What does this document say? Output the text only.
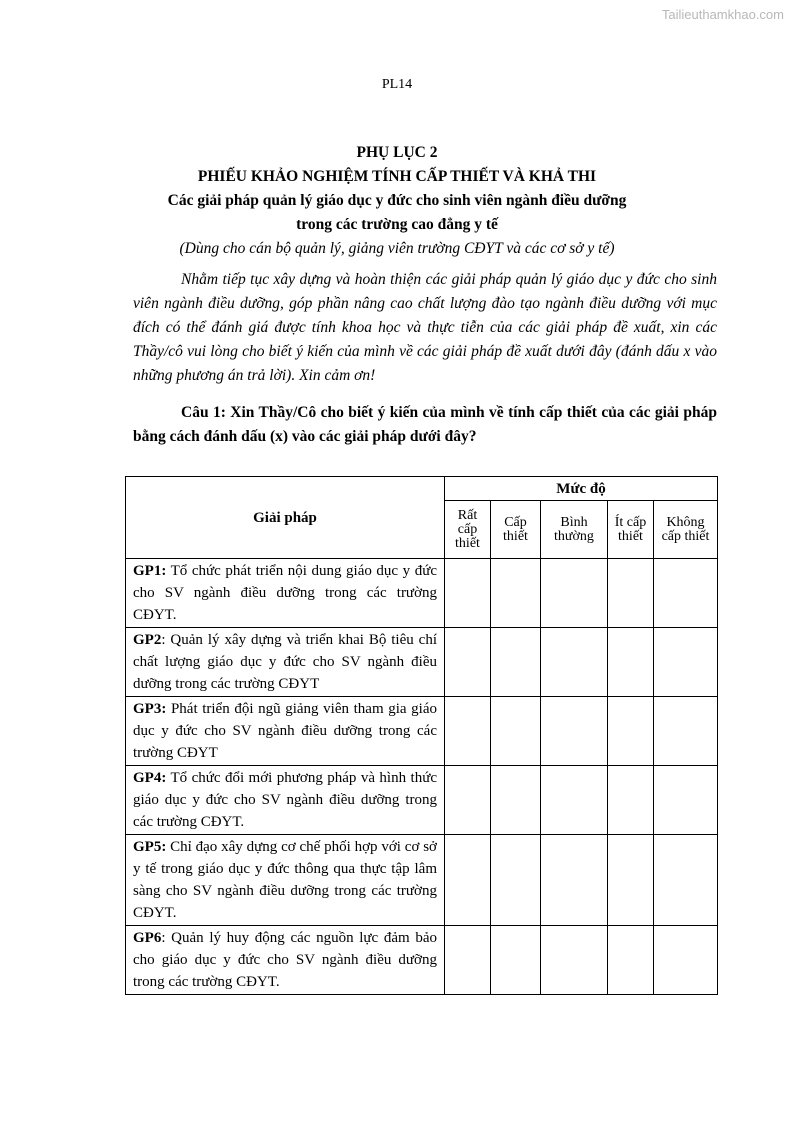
Tailieuthamkhao.com
PL14
PHỤ LỤC 2
PHIẾU KHẢO NGHIỆM TÍNH CẤP THIẾT VÀ KHẢ THI
Các giải pháp quản lý giáo dục y đức cho sinh viên ngành điều dưỡng
trong các trường cao đẳng y tế
(Dùng cho cán bộ quản lý, giảng viên trường CĐYT và các cơ sở y tế)
Nhằm tiếp tục xây dựng và hoàn thiện các giải pháp quản lý giáo dục y đức cho sinh viên ngành điều dưỡng, góp phần nâng cao chất lượng đào tạo ngành điều dưỡng với mục đích có thể đánh giá được tính khoa học và thực tiễn của các giải pháp đề xuất, xin các Thầy/cô vui lòng cho biết ý kiến của mình về các giải pháp đề xuất dưới đây (đánh dấu x vào những phương án trả lời). Xin cảm ơn!
Câu 1: Xin Thầy/Cô cho biết ý kiến của mình về tính cấp thiết của các giải pháp bằng cách đánh dấu (x) vào các giải pháp dưới đây?
Giải pháp	Mức độ				
	Rất cấp thiết	Cấp thiết	Bình thường	Ít cấp thiết	Không cấp thiết
GP1: Tổ chức phát triển nội dung giáo dục y đức cho SV ngành điều dưỡng trong các trường CĐYT.					
GP2: Quản lý xây dựng và triển khai Bộ tiêu chí chất lượng giáo dục y đức cho SV ngành điều dưỡng trong các trường CĐYT					
GP3: Phát triển đội ngũ giảng viên tham gia giáo dục y đức cho SV ngành điều dưỡng trong các trường CĐYT					
GP4: Tổ chức đổi mới phương pháp và hình thức giáo dục y đức cho SV ngành điều dưỡng trong các trường CĐYT.					
GP5: Chỉ đạo xây dựng cơ chế phối hợp với cơ sở y tế trong giáo dục y đức thông qua thực tập lâm sàng cho SV ngành điều dưỡng trong các trường CĐYT.					
GP6: Quản lý huy động các nguồn lực đảm bảo cho giáo dục y đức cho SV ngành điều dưỡng trong các trường CĐYT.					
